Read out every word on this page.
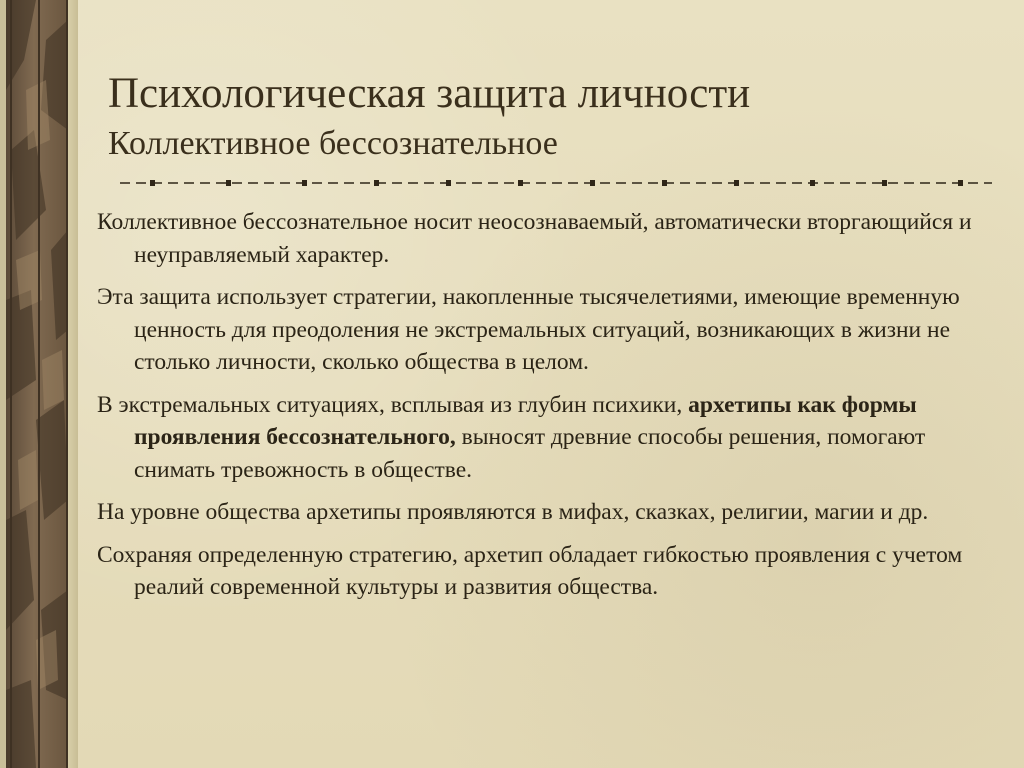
Психологическая защита личности
Коллективное бессознательное

Коллективное бессознательное носит неосознаваемый, автоматически вторгающийся и неуправляемый характер.

Эта защита использует стратегии, накопленные тысячелетиями, имеющие временную ценность для преодоления не экстремальных ситуаций, возникающих в жизни не столько личности, сколько общества в целом.

В экстремальных ситуациях, всплывая из глубин психики, архетипы как формы проявления бессознательного, выносят древние способы решения, помогают снимать тревожность в обществе.

На уровне общества архетипы проявляются в мифах, сказках, религии, магии и др.

Сохраняя определенную стратегию, архетип обладает гибкостью проявления с учетом реалий современной культуры и развития общества.
